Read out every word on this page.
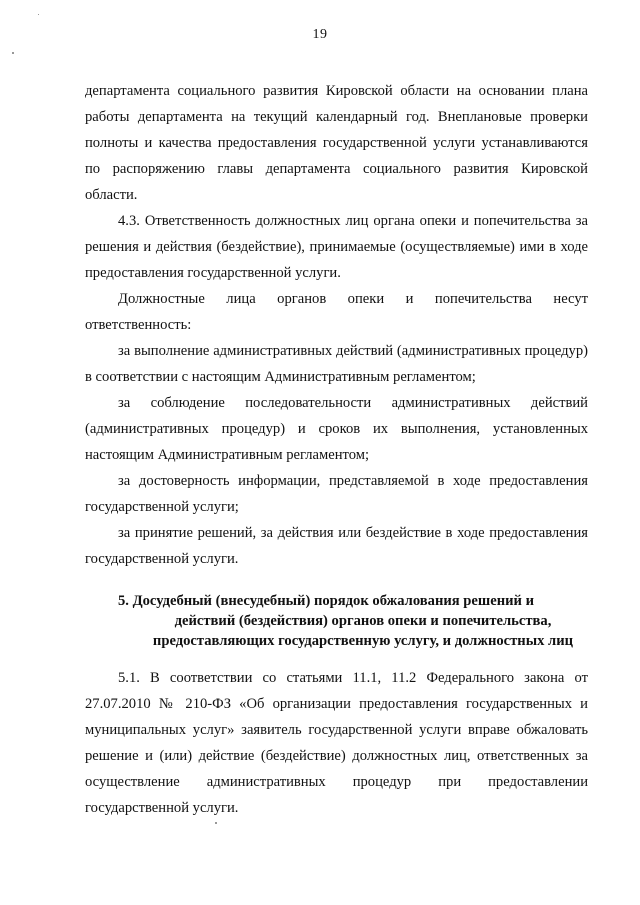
19

департамента социального развития Кировской области на основании плана работы департамента на текущий календарный год. Внеплановые проверки полноты и качества предоставления государственной услуги устанавливаются по распоряжению главы департамента социального развития Кировской области.

4.3. Ответственность должностных лиц органа опеки и попечительства за решения и действия (бездействие), принимаемые (осуществляемые) ими в ходе предоставления государственной услуги.

Должностные лица органов опеки и попечительства несут ответственность:

за выполнение административных действий (административных процедур) в соответствии с настоящим Административным регламентом;

за соблюдение последовательности административных действий (административных процедур) и сроков их выполнения, установленных настоящим Административным регламентом;

за достоверность информации, представляемой в ходе предоставления государственной услуги;

за принятие решений, за действия или бездействие в ходе предоставления государственной услуги.

5. Досудебный (внесудебный) порядок обжалования решений и
действий (бездействия) органов опеки и попечительства,
предоставляющих государственную услугу, и должностных лиц

5.1. В соответствии со статьями 11.1, 11.2 Федерального закона от 27.07.2010 № 210-ФЗ «Об организации предоставления государственных и муниципальных услуг» заявитель государственной услуги вправе обжаловать решение и (или) действие (бездействие) должностных лиц, ответственных за осуществление административных процедур при предоставлении государственной услуги.
